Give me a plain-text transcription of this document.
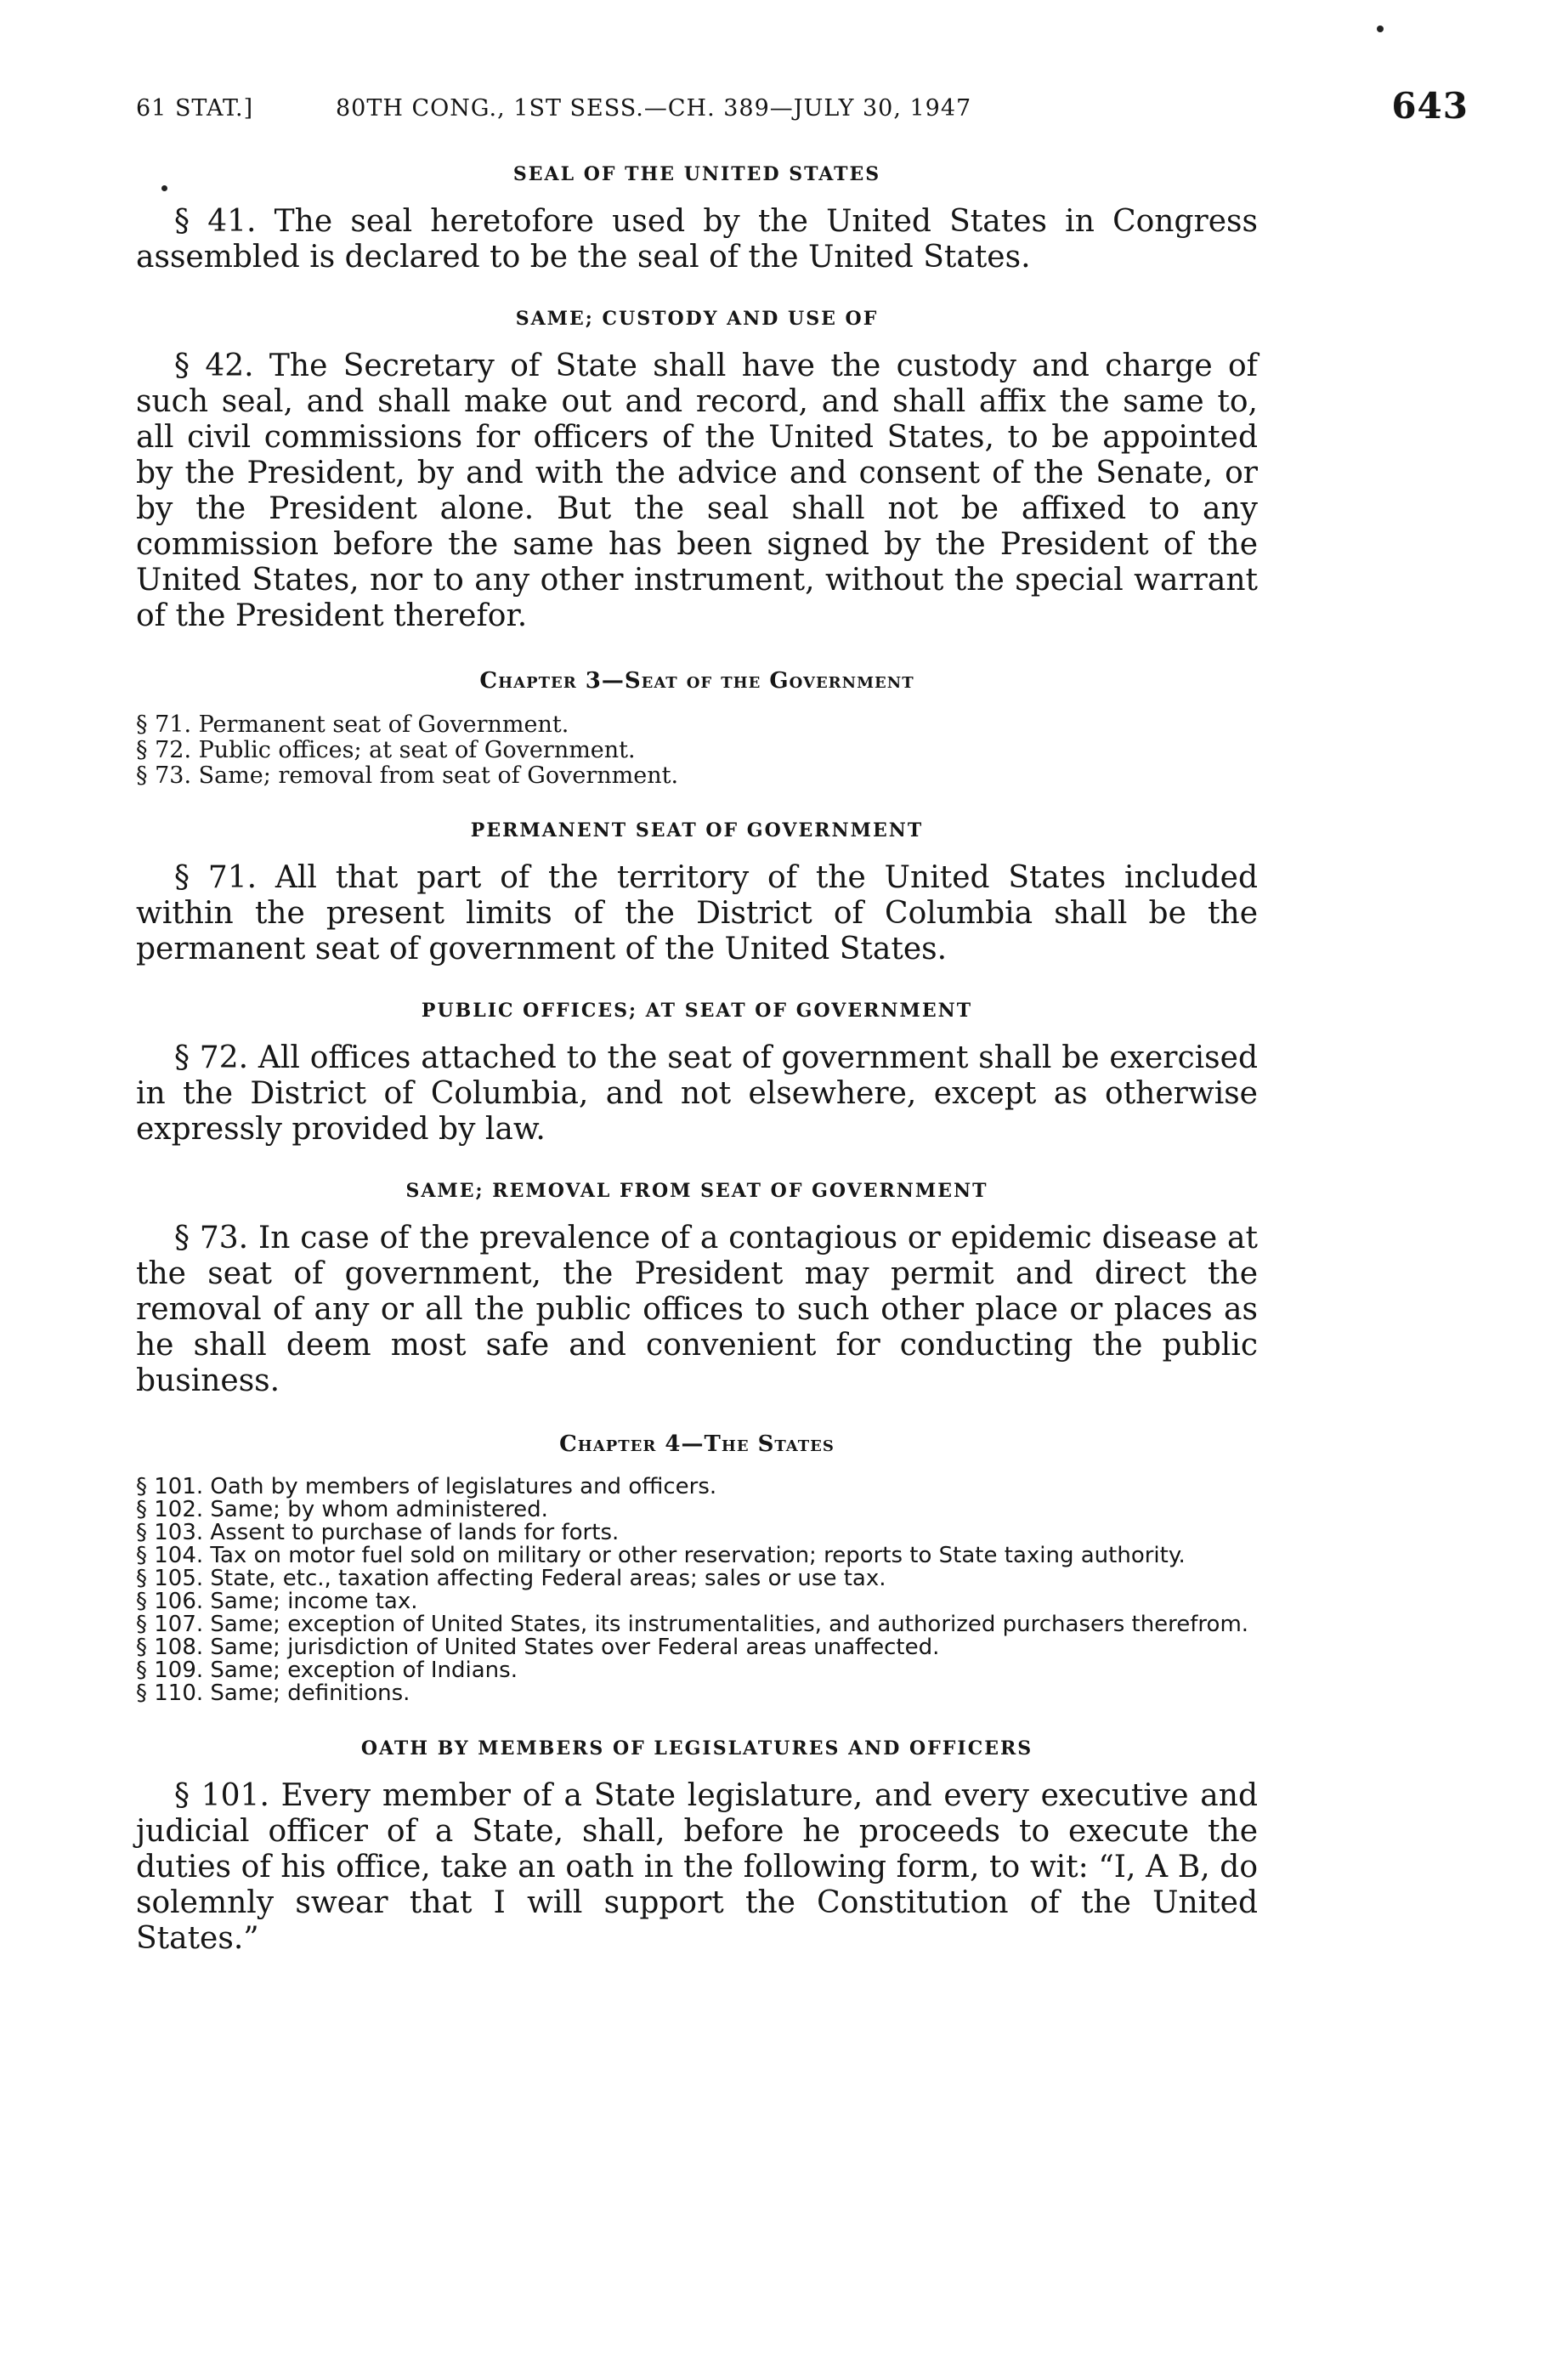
61 STAT.]	80TH CONG., 1ST SESS.—CH. 389—JULY 30, 1947	643
SEAL OF THE UNITED STATES

§ 41. The seal heretofore used by the United States in Congress assembled is declared to be the seal of the United States.

SAME; CUSTODY AND USE OF

§ 42. The Secretary of State shall have the custody and charge of such seal, and shall make out and record, and shall affix the same to, all civil commissions for officers of the United States, to be appointed by the President, by and with the advice and consent of the Senate, or by the President alone. But the seal shall not be affixed to any commission before the same has been signed by the President of the United States, nor to any other instrument, without the special warrant of the President therefor.

Chapter 3—Seat of the Government
§ 71. Permanent seat of Government.
§ 72. Public offices; at seat of Government.
§ 73. Same; removal from seat of Government.
PERMANENT SEAT OF GOVERNMENT

§ 71. All that part of the territory of the United States included within the present limits of the District of Columbia shall be the permanent seat of government of the United States.

PUBLIC OFFICES; AT SEAT OF GOVERNMENT

§ 72. All offices attached to the seat of government shall be exercised in the District of Columbia, and not elsewhere, except as otherwise expressly provided by law.

SAME; REMOVAL FROM SEAT OF GOVERNMENT

§ 73. In case of the prevalence of a contagious or epidemic disease at the seat of government, the President may permit and direct the removal of any or all the public offices to such other place or places as he shall deem most safe and convenient for conducting the public business.

Chapter 4—The States
§ 101. Oath by members of legislatures and officers.
§ 102. Same; by whom administered.
§ 103. Assent to purchase of lands for forts.
§ 104. Tax on motor fuel sold on military or other reservation; reports to State taxing authority.
§ 105. State, etc., taxation affecting Federal areas; sales or use tax.
§ 106. Same; income tax.
§ 107. Same; exception of United States, its instrumentalities, and authorized purchasers therefrom.
§ 108. Same; jurisdiction of United States over Federal areas unaffected.
§ 109. Same; exception of Indians.
§ 110. Same; definitions.
OATH BY MEMBERS OF LEGISLATURES AND OFFICERS

§ 101. Every member of a State legislature, and every executive and judicial officer of a State, shall, before he proceeds to execute the duties of his office, take an oath in the following form, to wit: “I, A B, do solemnly swear that I will support the Constitution of the United States.”
